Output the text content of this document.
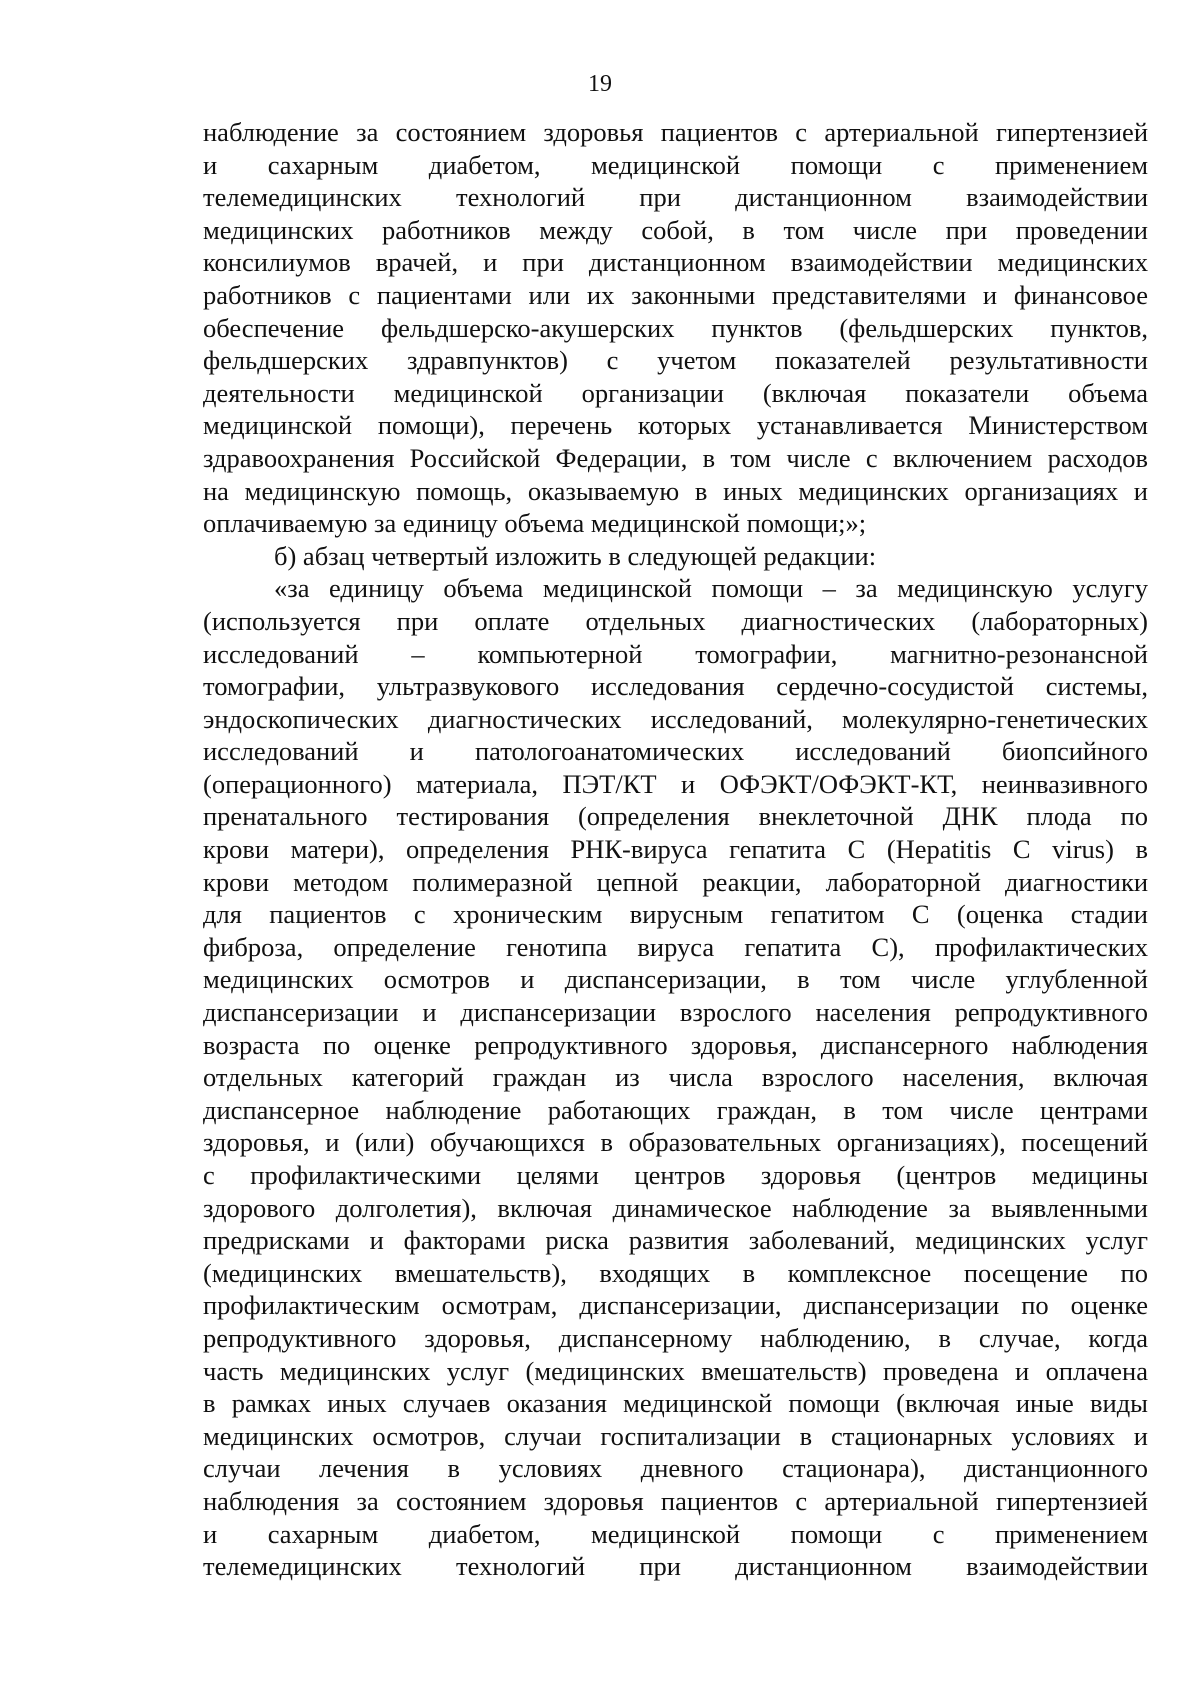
19

наблюдение за состоянием здоровья пациентов с артериальной гипертензией

и сахарным диабетом, медицинской помощи с применением

телемедицинских технологий при дистанционном взаимодействии

медицинских работников между собой, в том числе при проведении

консилиумов врачей, и при дистанционном взаимодействии медицинских

работников с пациентами или их законными представителями и финансовое

обеспечение фельдшерско-акушерских пунктов (фельдшерских пунктов,

фельдшерских здравпунктов) с учетом показателей результативности

деятельности медицинской организации (включая показатели объема

медицинской помощи), перечень которых устанавливается Министерством

здравоохранения Российской Федерации, в том числе с включением расходов

на медицинскую помощь, оказываемую в иных медицинских организациях и

оплачиваемую за единицу объема медицинской помощи;»;

б) абзац четвертый изложить в следующей редакции:

«за единицу объема медицинской помощи – за медицинскую услугу

(используется при оплате отдельных диагностических (лабораторных)

исследований – компьютерной томографии, магнитно-резонансной

томографии, ультразвукового исследования сердечно-сосудистой системы,

эндоскопических диагностических исследований, молекулярно-генетических

исследований и патологоанатомических исследований биопсийного

(операционного) материала, ПЭТ/КТ и ОФЭКТ/ОФЭКТ-КТ, неинвазивного

пренатального тестирования (определения внеклеточной ДНК плода по

крови матери), определения РНК-вируса гепатита С (Hepatitis C virus) в

крови методом полимеразной цепной реакции, лабораторной диагностики

для пациентов с хроническим вирусным гепатитом С (оценка стадии

фиброза, определение генотипа вируса гепатита С), профилактических

медицинских осмотров и диспансеризации, в том числе углубленной

диспансеризации и диспансеризации взрослого населения репродуктивного

возраста по оценке репродуктивного здоровья, диспансерного наблюдения

отдельных категорий граждан из числа взрослого населения, включая

диспансерное наблюдение работающих граждан, в том числе центрами

здоровья, и (или) обучающихся в образовательных организациях), посещений

с профилактическими целями центров здоровья (центров медицины

здорового долголетия), включая динамическое наблюдение за выявленными

предрисками и факторами риска развития заболеваний, медицинских услуг

(медицинских вмешательств), входящих в комплексное посещение по

профилактическим осмотрам, диспансеризации, диспансеризации по оценке

репродуктивного здоровья, диспансерному наблюдению, в случае, когда

часть медицинских услуг (медицинских вмешательств) проведена и оплачена

в рамках иных случаев оказания медицинской помощи (включая иные виды

медицинских осмотров, случаи госпитализации в стационарных условиях и

случаи лечения в условиях дневного стационара), дистанционного

наблюдения за состоянием здоровья пациентов с артериальной гипертензией

и сахарным диабетом, медицинской помощи с применением

телемедицинских технологий при дистанционном взаимодействии
